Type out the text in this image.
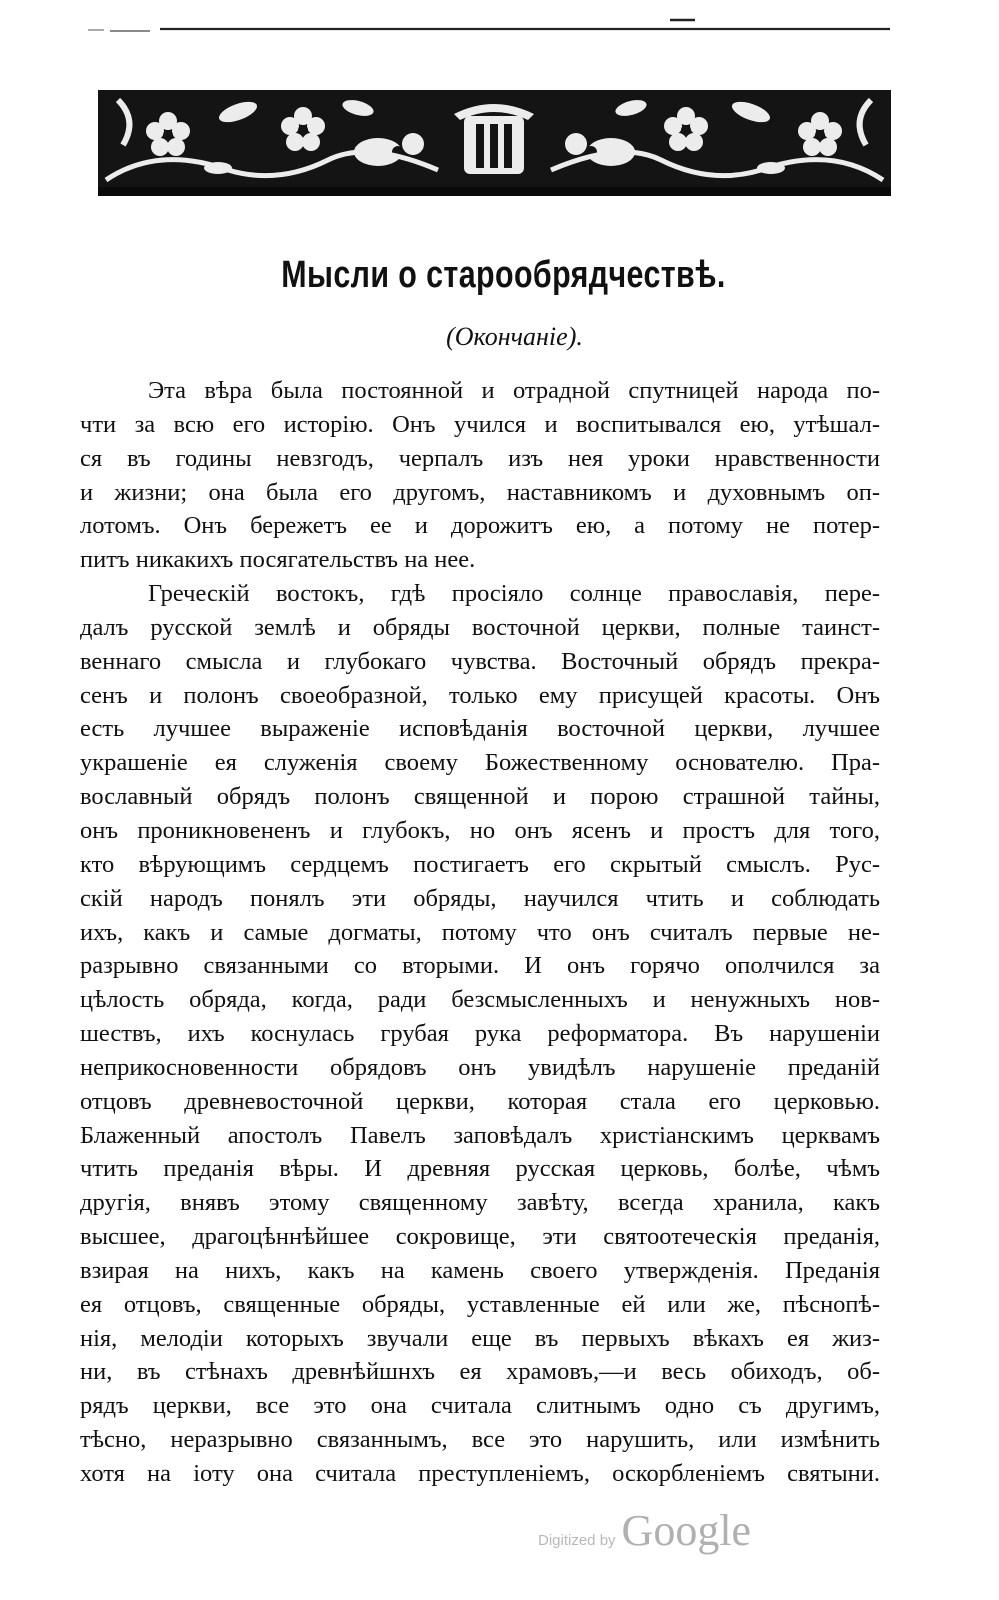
Мысли о старообрядчествѣ.

(Окончаніе).

Эта вѣра была постоянной и отрадной спутницей народа по-
чти за всю его исторію. Онъ учился и воспитывался ею, утѣшал-
ся въ годины невзгодъ, черпалъ изъ нея уроки нравственности
и жизни; она была его другомъ, наставникомъ и духовнымъ оп-
лотомъ. Онъ бережетъ ее и дорожитъ ею, а потому не потер-
питъ никакихъ посягательствъ на нее.
Греческій востокъ, гдѣ просіяло солнце православія, пере-
далъ русской землѣ и обряды восточной церкви, полные таинст-
веннаго смысла и глубокаго чувства. Восточный обрядъ прекра-
сенъ и полонъ своеобразной, только ему присущей красоты. Онъ
есть лучшее выраженіе исповѣданія восточной церкви, лучшее
украшеніе ея служенія своему Божественному основателю. Пра-
вославный обрядъ полонъ священной и порою страшной тайны,
онъ проникновененъ и глубокъ, но онъ ясенъ и простъ для того,
кто вѣрующимъ сердцемъ постигаетъ его скрытый смыслъ. Рус-
скій народъ понялъ эти обряды, научился чтить и соблюдать
ихъ, какъ и самые догматы, потому что онъ считалъ первые не-
разрывно связанными со вторыми. И онъ горячо ополчился за
цѣлость обряда, когда, ради безсмысленныхъ и ненужныхъ нов-
шествъ, ихъ коснулась грубая рука реформатора. Въ нарушеніи
неприкосновенности обрядовъ онъ увидѣлъ нарушеніе преданій
отцовъ древневосточной церкви, которая стала его церковью.
Блаженный апостолъ Павелъ заповѣдалъ христіанскимъ церквамъ
чтить преданія вѣры. И древняя русская церковь, болѣе, чѣмъ
другія, внявъ этому священному завѣту, всегда хранила, какъ
высшее, драгоцѣннѣйшее сокровище, эти святоотеческія преданія,
взирая на нихъ, какъ на камень своего утвержденія. Преданія
ея отцовъ, священные обряды, уставленные ей или же, пѣснопѣ-
нія, мелодіи которыхъ звучали еще въ первыхъ вѣкахъ ея жиз-
ни, въ стѣнахъ древнѣйшнхъ ея храмовъ,—и весь обиходъ, об-
рядъ церкви, все это она считала слитнымъ одно съ другимъ,
тѣсно, неразрывно связаннымъ, все это нарушить, или измѣнить
хотя на іоту она считала преступленіемъ, оскорбленіемъ святыни.
Digitized by Google
